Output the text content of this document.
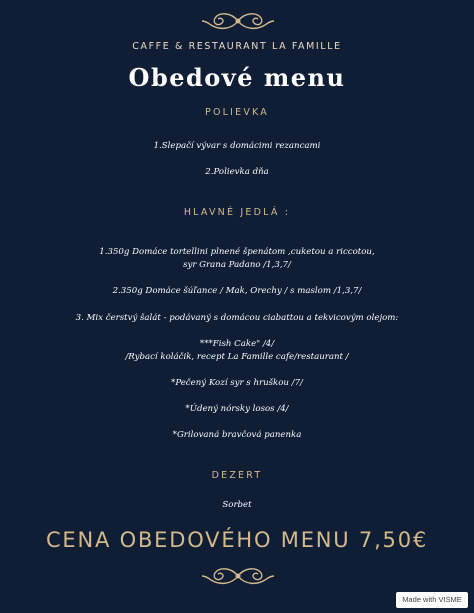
CAFFE & RESTAURANT LA FAMILLE
Obedové menu
POLIEVKA
1.Slepačí vývar s domácimi rezancami
2.Polievka dňa
HLAVNÉ JEDLÁ :
1.350g Domáce tortellini plnené špenátom ,cuketou a riccotou,
syr Grana Padano /1,3,7/
2.350g Domáce šúľance / Mak, Orechy / s maslom /1,3,7/
3. Mix čerstvý šalát - podávaný s domácou ciabattou a tekvicovým olejom:
***Fish Cake" /4/
/Rybací koláčik, recept La Famille cafe/restaurant /
*Pečený Kozí syr s hruškou /7/
*Údený nórsky losos /4/
*Grilovaná bravčová panenka
DEZERT
Sorbet
CENA OBEDOVÉHO MENU 7,50€
Made with VISME
